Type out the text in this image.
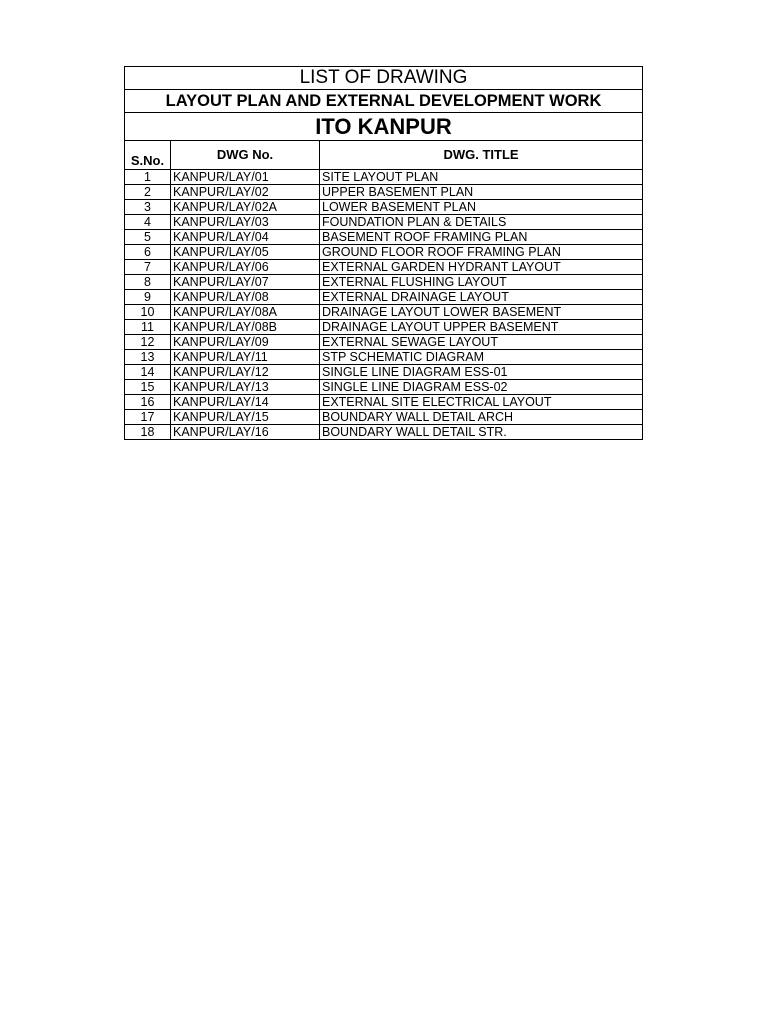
LIST OF DRAWING		
LAYOUT PLAN AND EXTERNAL DEVELOPMENT WORK		
ITO KANPUR		
S.No.	DWG No.	DWG. TITLE
1	KANPUR/LAY/01	SITE LAYOUT PLAN
2	KANPUR/LAY/02	UPPER BASEMENT PLAN
3	KANPUR/LAY/02A	LOWER BASEMENT PLAN
4	KANPUR/LAY/03	FOUNDATION PLAN & DETAILS
5	KANPUR/LAY/04	BASEMENT ROOF FRAMING PLAN
6	KANPUR/LAY/05	GROUND FLOOR ROOF FRAMING PLAN
7	KANPUR/LAY/06	EXTERNAL GARDEN HYDRANT LAYOUT
8	KANPUR/LAY/07	EXTERNAL FLUSHING LAYOUT
9	KANPUR/LAY/08	EXTERNAL DRAINAGE LAYOUT
10	KANPUR/LAY/08A	DRAINAGE LAYOUT LOWER BASEMENT
11	KANPUR/LAY/08B	DRAINAGE LAYOUT UPPER BASEMENT
12	KANPUR/LAY/09	EXTERNAL SEWAGE LAYOUT
13	KANPUR/LAY/11	STP SCHEMATIC DIAGRAM
14	KANPUR/LAY/12	SINGLE LINE DIAGRAM ESS-01
15	KANPUR/LAY/13	SINGLE LINE DIAGRAM ESS-02
16	KANPUR/LAY/14	EXTERNAL SITE ELECTRICAL LAYOUT
17	KANPUR/LAY/15	BOUNDARY WALL DETAIL ARCH
18	KANPUR/LAY/16	BOUNDARY WALL DETAIL STR.
